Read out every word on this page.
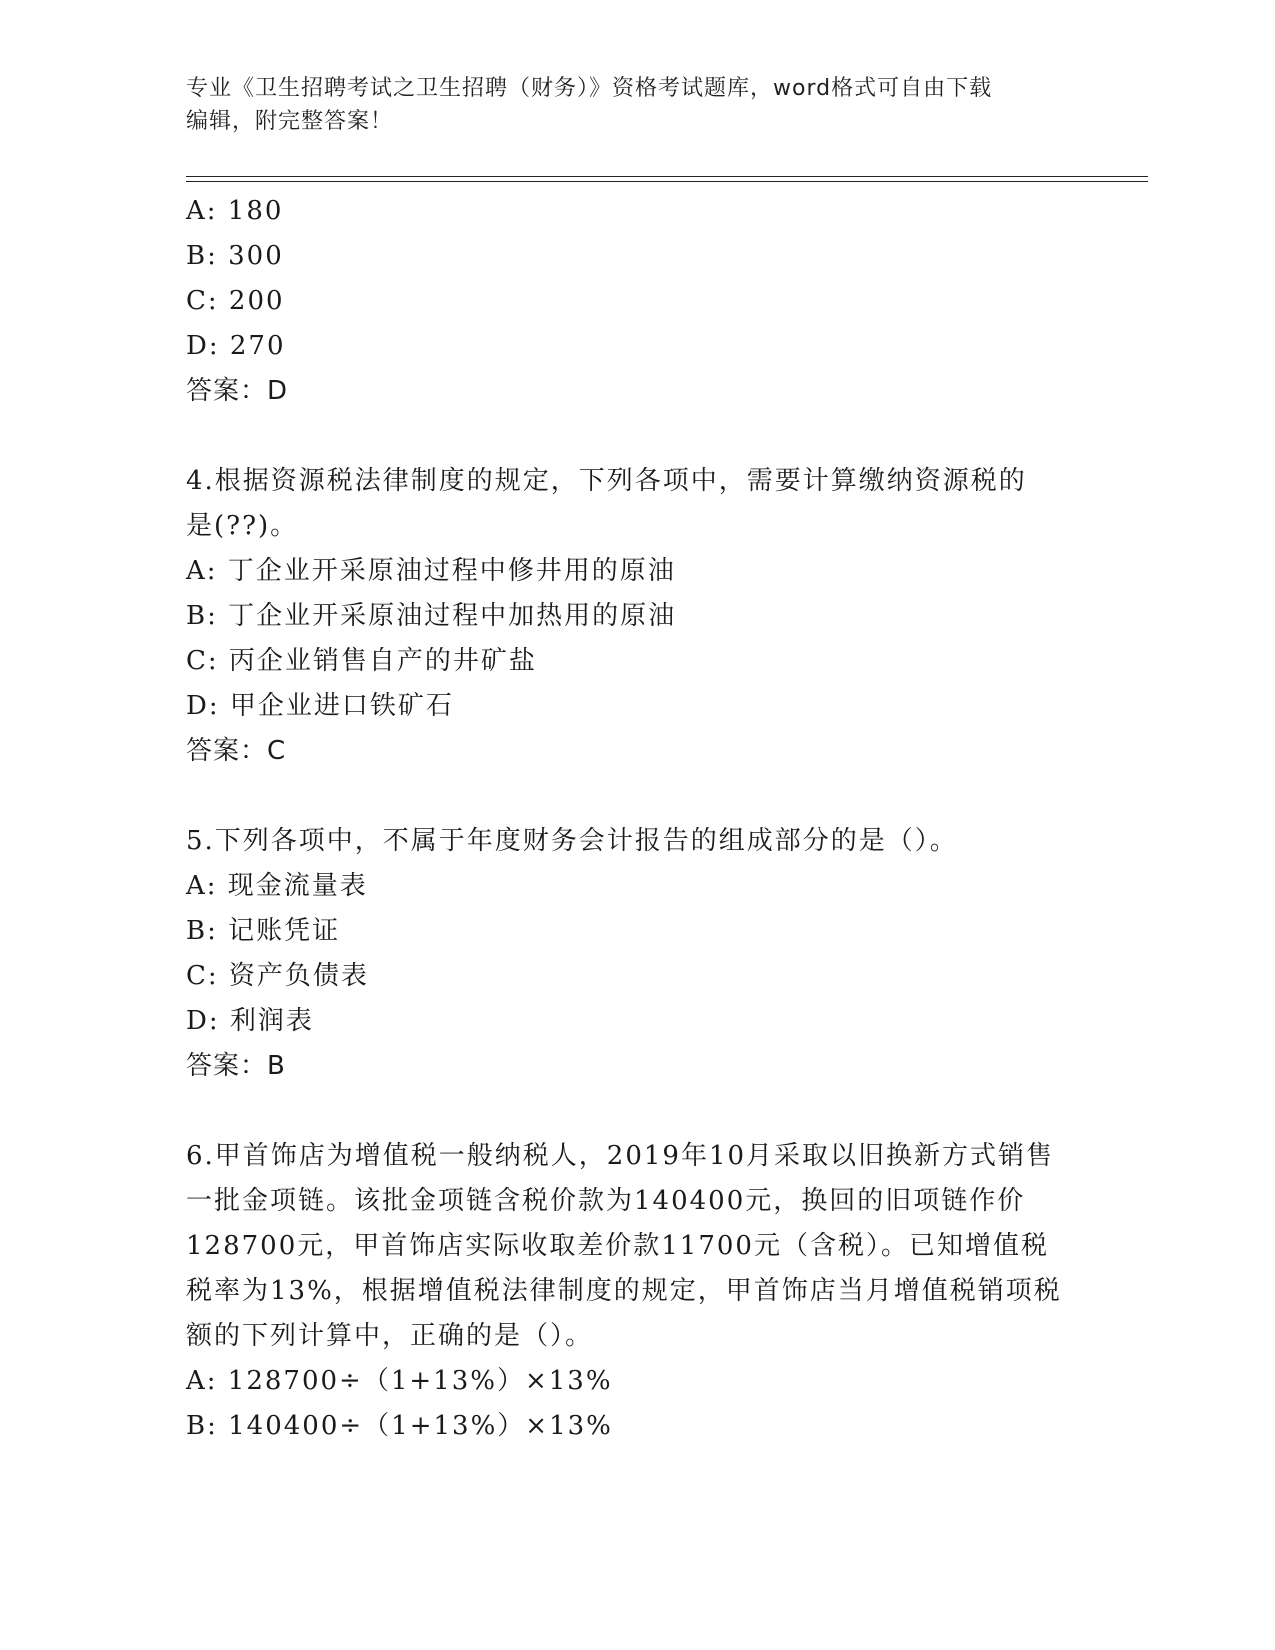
专业《卫生招聘考试之卫生招聘（财务）》资格考试题库，word格式可自由下载
编辑，附完整答案！
A: 180
B: 300
C: 200
D: 270
答案：D
4.根据资源税法律制度的规定，下列各项中，需要计算缴纳资源税的
是(??)。
A: 丁企业开采原油过程中修井用的原油
B: 丁企业开采原油过程中加热用的原油
C: 丙企业销售自产的井矿盐
D: 甲企业进口铁矿石
答案：C
5.下列各项中，不属于年度财务会计报告的组成部分的是（）。
A: 现金流量表
B: 记账凭证
C: 资产负债表
D: 利润表
答案：B
6.甲首饰店为增值税一般纳税人，2019年10月采取以旧换新方式销售
一批金项链。该批金项链含税价款为140400元，换回的旧项链作价
128700元，甲首饰店实际收取差价款11700元（含税）。已知增值税
税率为13%，根据增值税法律制度的规定，甲首饰店当月增值税销项税
额的下列计算中，正确的是（）。
A: 128700÷（1+13%）×13%
B: 140400÷（1+13%）×13%
